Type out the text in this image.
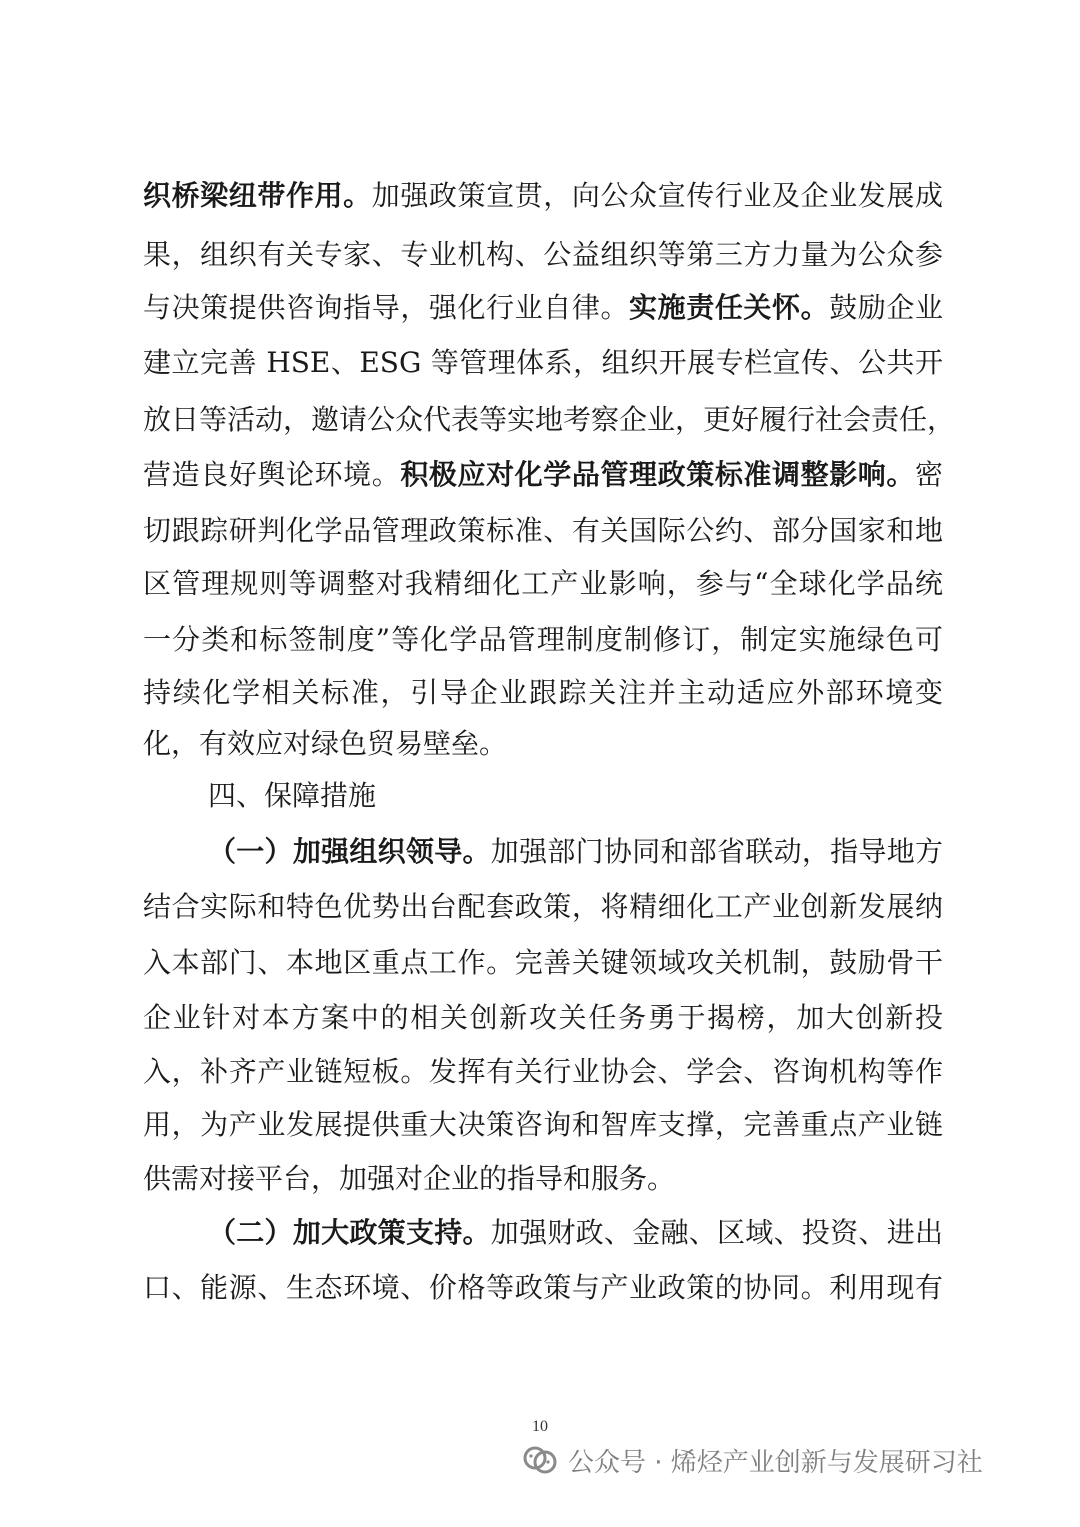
织桥梁纽带作用。加强政策宣贯，向公众宣传行业及企业发展成
果，组织有关专家、专业机构、公益组织等第三方力量为公众参
与决策提供咨询指导，强化行业自律。实施责任关怀。鼓励企业
建立完善 HSE、ESG 等管理体系，组织开展专栏宣传、公共开
放日等活动，邀请公众代表等实地考察企业，更好履行社会责任，
营造良好舆论环境。积极应对化学品管理政策标准调整影响。密
切跟踪研判化学品管理政策标准、有关国际公约、部分国家和地
区管理规则等调整对我精细化工产业影响，参与“全球化学品统
一分类和标签制度”等化学品管理制度制修订，制定实施绿色可
持续化学相关标准，引导企业跟踪关注并主动适应外部环境变
化，有效应对绿色贸易壁垒。
四、保障措施
（一）加强组织领导。加强部门协同和部省联动，指导地方
结合实际和特色优势出台配套政策，将精细化工产业创新发展纳
入本部门、本地区重点工作。完善关键领域攻关机制，鼓励骨干
企业针对本方案中的相关创新攻关任务勇于揭榜，加大创新投
入，补齐产业链短板。发挥有关行业协会、学会、咨询机构等作
用，为产业发展提供重大决策咨询和智库支撑，完善重点产业链
供需对接平台，加强对企业的指导和服务。
（二）加大政策支持。加强财政、金融、区域、投资、进出
口、能源、生态环境、价格等政策与产业政策的协同。利用现有
10
公众号 · 烯烃产业创新与发展研习社
